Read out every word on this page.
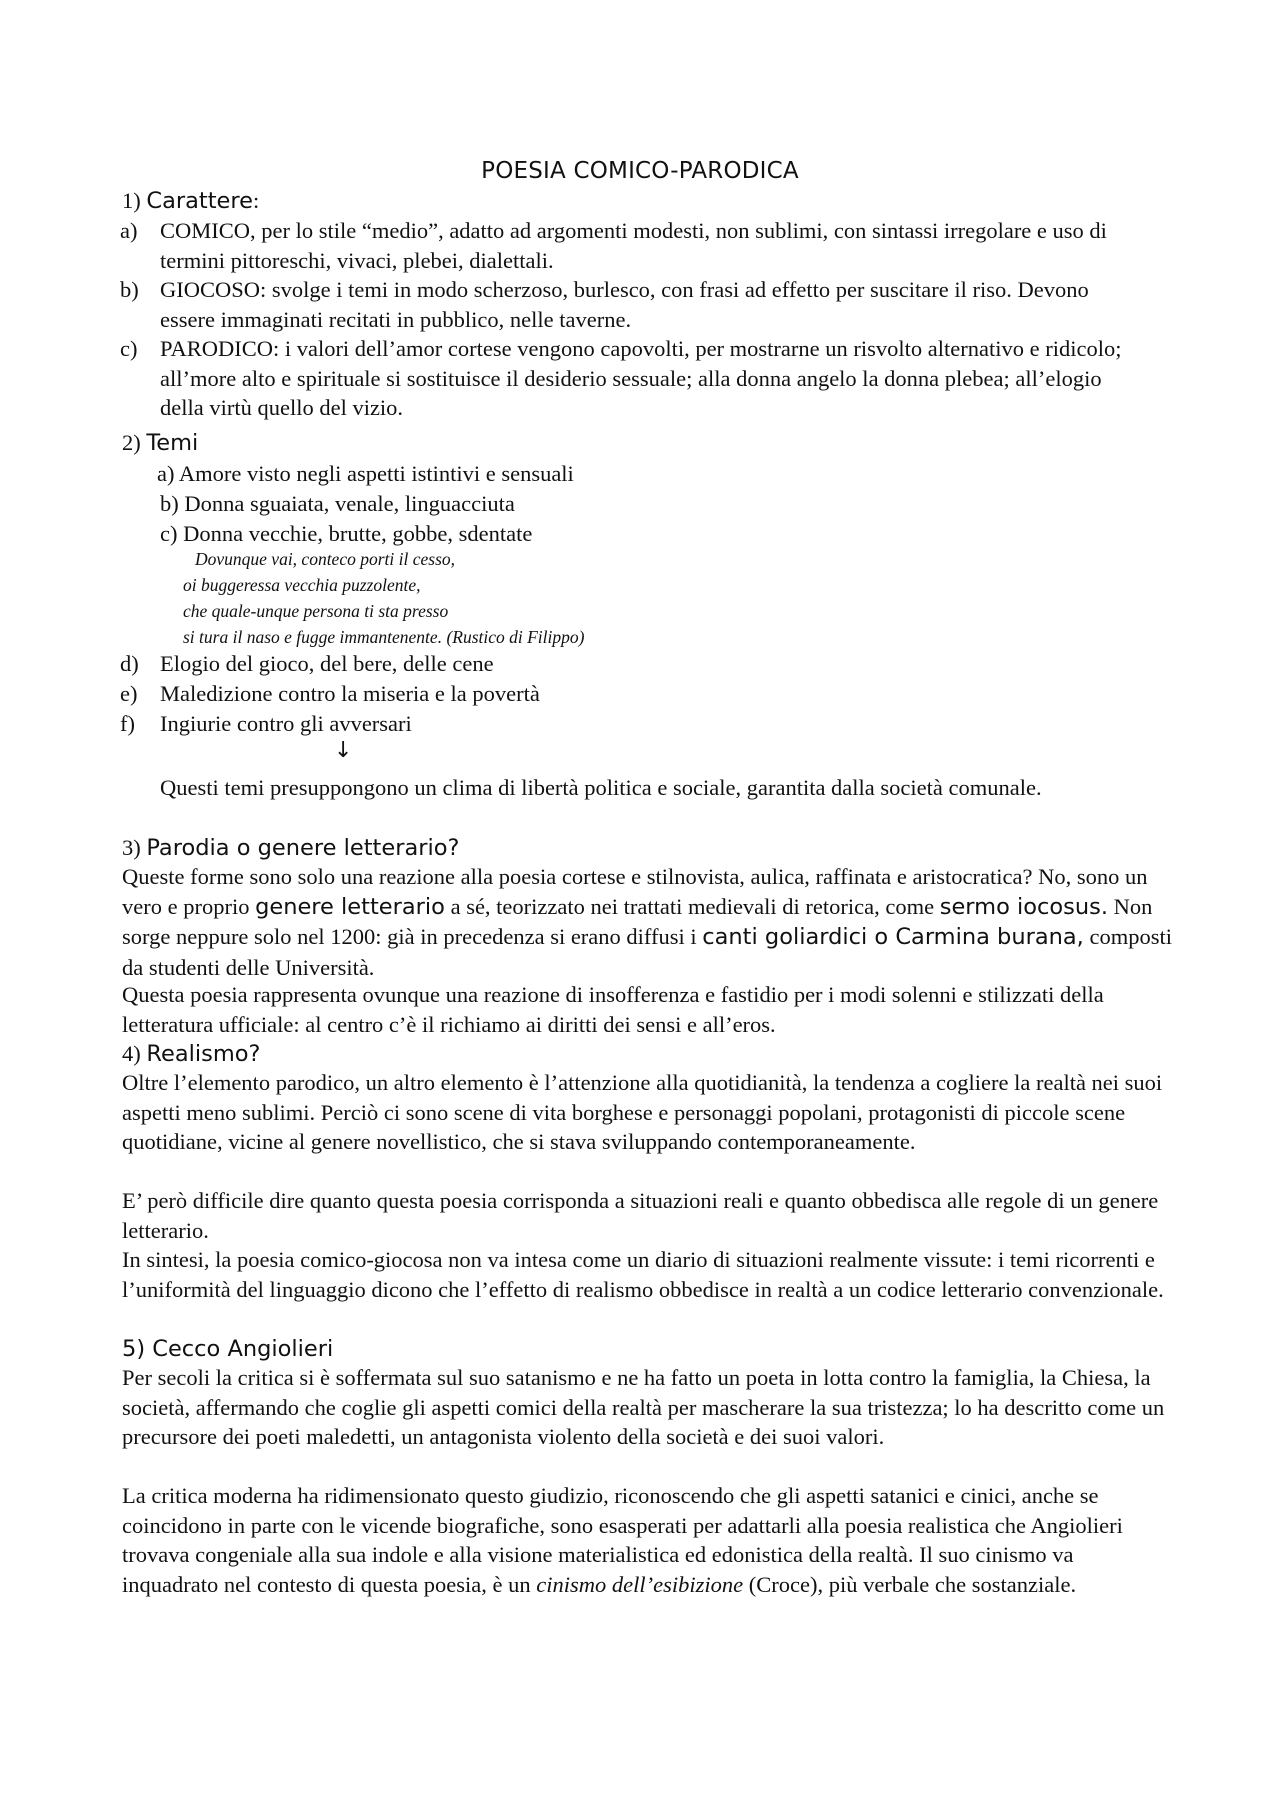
POESIA COMICO-PARODICA
1) Carattere:
a) COMICO, per lo stile “medio”, adatto ad argomenti modesti, non sublimi, con sintassi irregolare e uso di termini pittoreschi, vivaci, plebei, dialettali.
b) GIOCOSO: svolge i temi in modo scherzoso, burlesco, con frasi ad effetto per suscitare il riso. Devono essere immaginati recitati in pubblico, nelle taverne.
c) PARODICO: i valori dell’amor cortese vengono capovolti, per mostrarne un risvolto alternativo e ridicolo; all’more alto e spirituale si sostituisce il desiderio sessuale; alla donna angelo la donna plebea; all’elogio della virtù quello del vizio.
2) Temi
a) Amore visto negli aspetti istintivi e sensuali
b) Donna sguaiata, venale, linguacciuta
c) Donna vecchie, brutte, gobbe, sdentate
Dovunque vai, conteco porti il cesso,
oi buggeressa vecchia puzzolente,
che quale-unque persona ti sta presso
si tura il naso e fugge immantenente. (Rustico di Filippo)
d) Elogio del gioco, del bere, delle cene
e) Maledizione contro la miseria e la povertà
f) Ingiurie contro gli avversari
↓
Questi temi presuppongono un clima di libertà politica e sociale, garantita dalla società comunale.
3) Parodia o genere letterario?
Queste forme sono solo una reazione alla poesia cortese e stilnovista, aulica, raffinata e aristocratica? No, sono un vero e proprio genere letterario a sé, teorizzato nei trattati medievali di retorica, come sermo iocosus. Non sorge neppure solo nel 1200: già in precedenza si erano diffusi i canti goliardici o Carmina burana, composti da studenti delle Università.
Questa poesia rappresenta ovunque una reazione di insofferenza e fastidio per i modi solenni e stilizzati della letteratura ufficiale: al centro c’è il richiamo ai diritti dei sensi e all’eros.
4) Realismo?
Oltre l’elemento parodico, un altro elemento è l’attenzione alla quotidianità, la tendenza a cogliere la realtà nei suoi aspetti meno sublimi. Perciò ci sono scene di vita borghese e personaggi popolani, protagonisti di piccole scene quotidiane, vicine al genere novellistico, che si stava sviluppando contemporaneamente.
E’ però difficile dire quanto questa poesia corrisponda a situazioni reali e quanto obbedisca alle regole di un genere letterario.
In sintesi, la poesia comico-giocosa non va intesa come un diario di situazioni realmente vissute: i temi ricorrenti e l’uniformità del linguaggio dicono che l’effetto di realismo obbedisce in realtà a un codice letterario convenzionale.
5) Cecco Angiolieri
Per secoli la critica si è soffermata sul suo satanismo e ne ha fatto un poeta in lotta contro la famiglia, la Chiesa, la società, affermando che coglie gli aspetti comici della realtà per mascherare la sua tristezza; lo ha descritto come un precursore dei poeti maledetti, un antagonista violento della società e dei suoi valori.
La critica moderna ha ridimensionato questo giudizio, riconoscendo che gli aspetti satanici e cinici, anche se coincidono in parte con le vicende biografiche, sono esasperati per adattarli alla poesia realistica che Angiolieri trovava congeniale alla sua indole e alla visione materialistica ed edonistica della realtà. Il suo cinismo va inquadrato nel contesto di questa poesia, è un cinismo dell’esibizione (Croce), più verbale che sostanziale.
